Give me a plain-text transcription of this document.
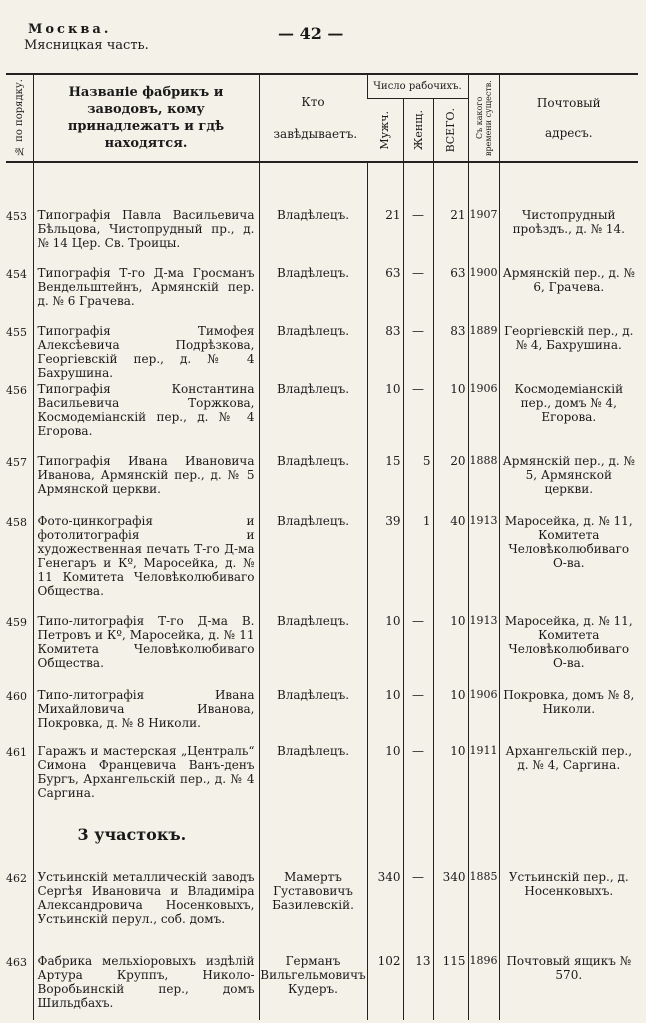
Москва.
Мясницкая часть.
— 42 —
№ по порядку.	Названіе фабрикъ и заводовъ, кому принадлежатъ и гдѣ находятся.	Кто завѣдываетъ.	Число рабочихъ.			Съ какого времени существ.	Почтовый адресъ.

			Мужч.	Женщ.	ВСЕГО.		

453	Типографія Павла Васильевича Бѣльцова, Чистопрудный пр., д. № 14 Цер. Св. Троицы.	Владѣлецъ.	21	—	21	1907	Чистопрудный проѣздъ., д. № 14.
454	Типографія Т-го Д-ма Гросманъ Вендельштейнъ, Армянскій пер. д. № 6 Грачева.	Владѣлецъ.	63	—	63	1900	Армянскій пер., д. № 6, Грачева.
455	Типографія Тимофея Алексѣевича Подрѣзкова, Георгіевскій пер., д. № 4 Бахрушина.	Владѣлецъ.	83	—	83	1889	Георгіевскій пер., д. № 4, Бахрушина.
456	Типографія Константина Васильевича Торжкова, Космодеміанскій пер., д. № 4 Егорова.	Владѣлецъ.	10	—	10	1906	Космодеміанскій пер., домъ № 4, Егорова.
457	Типографія Ивана Ивановича Иванова, Армянскій пер., д. № 5 Армянской церкви.	Владѣлецъ.	15	5	20	1888	Армянскій пер., д. № 5, Армянской церкви.
458	Фото-цинкографія и фотолитографія и художественная печать Т-го Д-ма Генегаръ и Кº, Маросейка, д. № 11 Комитета Человѣколюбиваго Общества.	Владѣлецъ.	39	1	40	1913	Маросейка, д. № 11, Комитета Человѣколюбиваго О-ва.
459	Типо-литографія Т-го Д-ма В. Петровъ и Кº, Маросейка, д. № 11 Комитета Человѣколюбиваго Общества.	Владѣлецъ.	10	—	10	1913	Маросейка, д. № 11, Комитета Человѣколюбиваго О-ва.
460	Типо-литографія Ивана Михайловича Иванова, Покровка, д. № 8 Николи.	Владѣлецъ.	10	—	10	1906	Покровка, домъ № 8, Николи.
461	Гаражъ и мастерская „Централь“ Симона Францевича Ванъ-денъ Бургъ, Архангельскій пер., д. № 4 Саргина.	Владѣлецъ.	10	—	10	1911	Архангельскій пер., д. № 4, Саргина.
	3 участокъ.						

462	Устьинскій металлическій заводъ Сергѣя Ивановича и Владиміра Александровича Носенковыхъ, Устьинскій перул., соб. домъ.	Мамертъ Густавовичъ Базилевскій.	340	—	340	1885	Устьинскій пер., д. Носенковыхъ.
463	Фабрика мельхіоровыхъ издѣлій Артура Круппъ, Николо-Воробьинскій пер., домъ Шильдбахъ.	Германъ Вильгельмовичъ Кудеръ.	102	13	115	1896	Почтовый ящикъ № 570.
